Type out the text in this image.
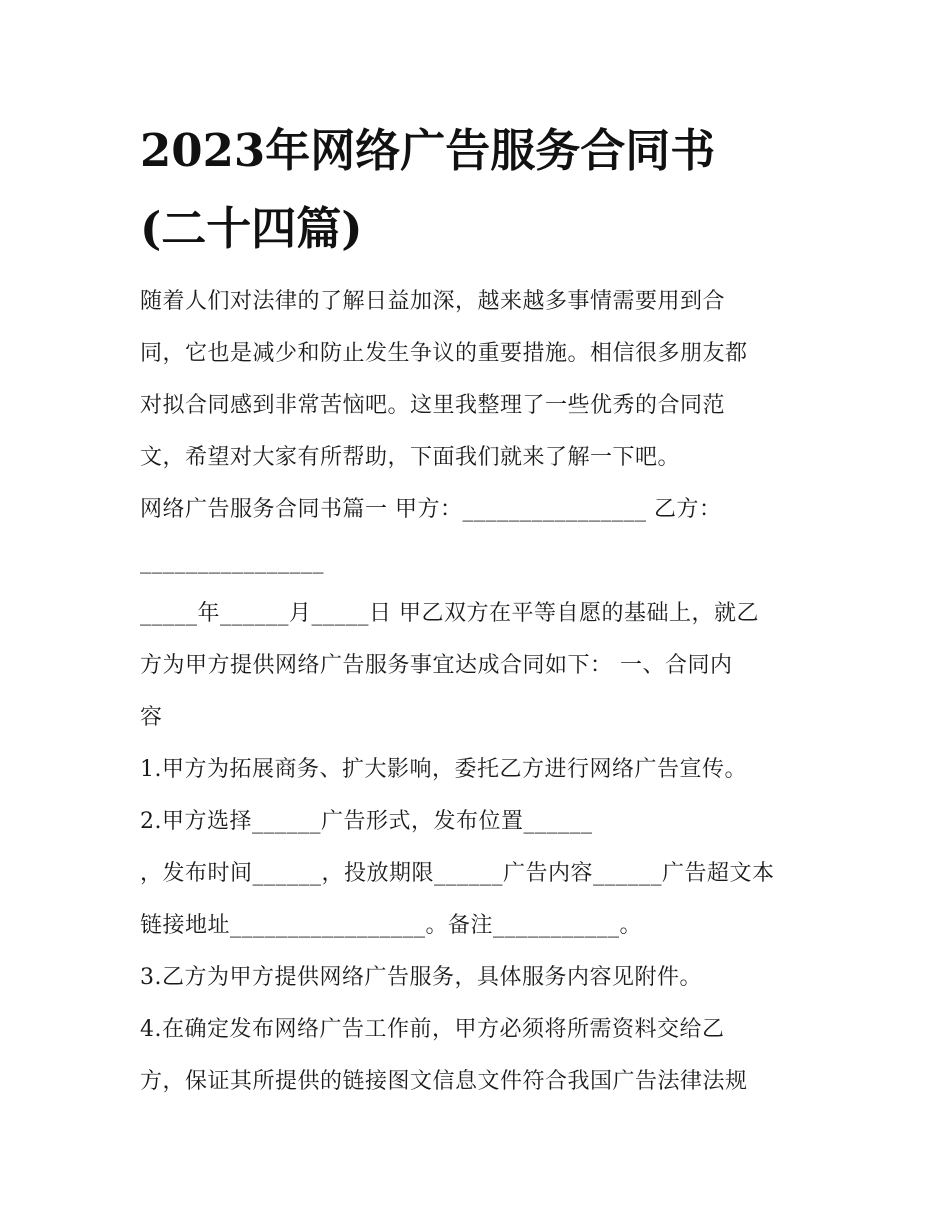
2023年网络广告服务合同书
(二十四篇)
随着人们对法律的了解日益加深，越来越多事情需要用到合
同，它也是减少和防止发生争议的重要措施。相信很多朋友都
对拟合同感到非常苦恼吧。这里我整理了一些优秀的合同范
文，希望对大家有所帮助，下面我们就来了解一下吧。
网络广告服务合同书篇一 甲方：________________ 乙方：
________________
_____年______月_____日 甲乙双方在平等自愿的基础上，就乙
方为甲方提供网络广告服务事宜达成合同如下： 一、合同内
容
1.甲方为拓展商务、扩大影响，委托乙方进行网络广告宣传。
2.甲方选择______广告形式，发布位置______
，发布时间______，投放期限______广告内容______广告超文本
链接地址_________________。备注___________。
3.乙方为甲方提供网络广告服务，具体服务内容见附件。
4.在确定发布网络广告工作前，甲方必须将所需资料交给乙
方，保证其所提供的链接图文信息文件符合我国广告法律法规
